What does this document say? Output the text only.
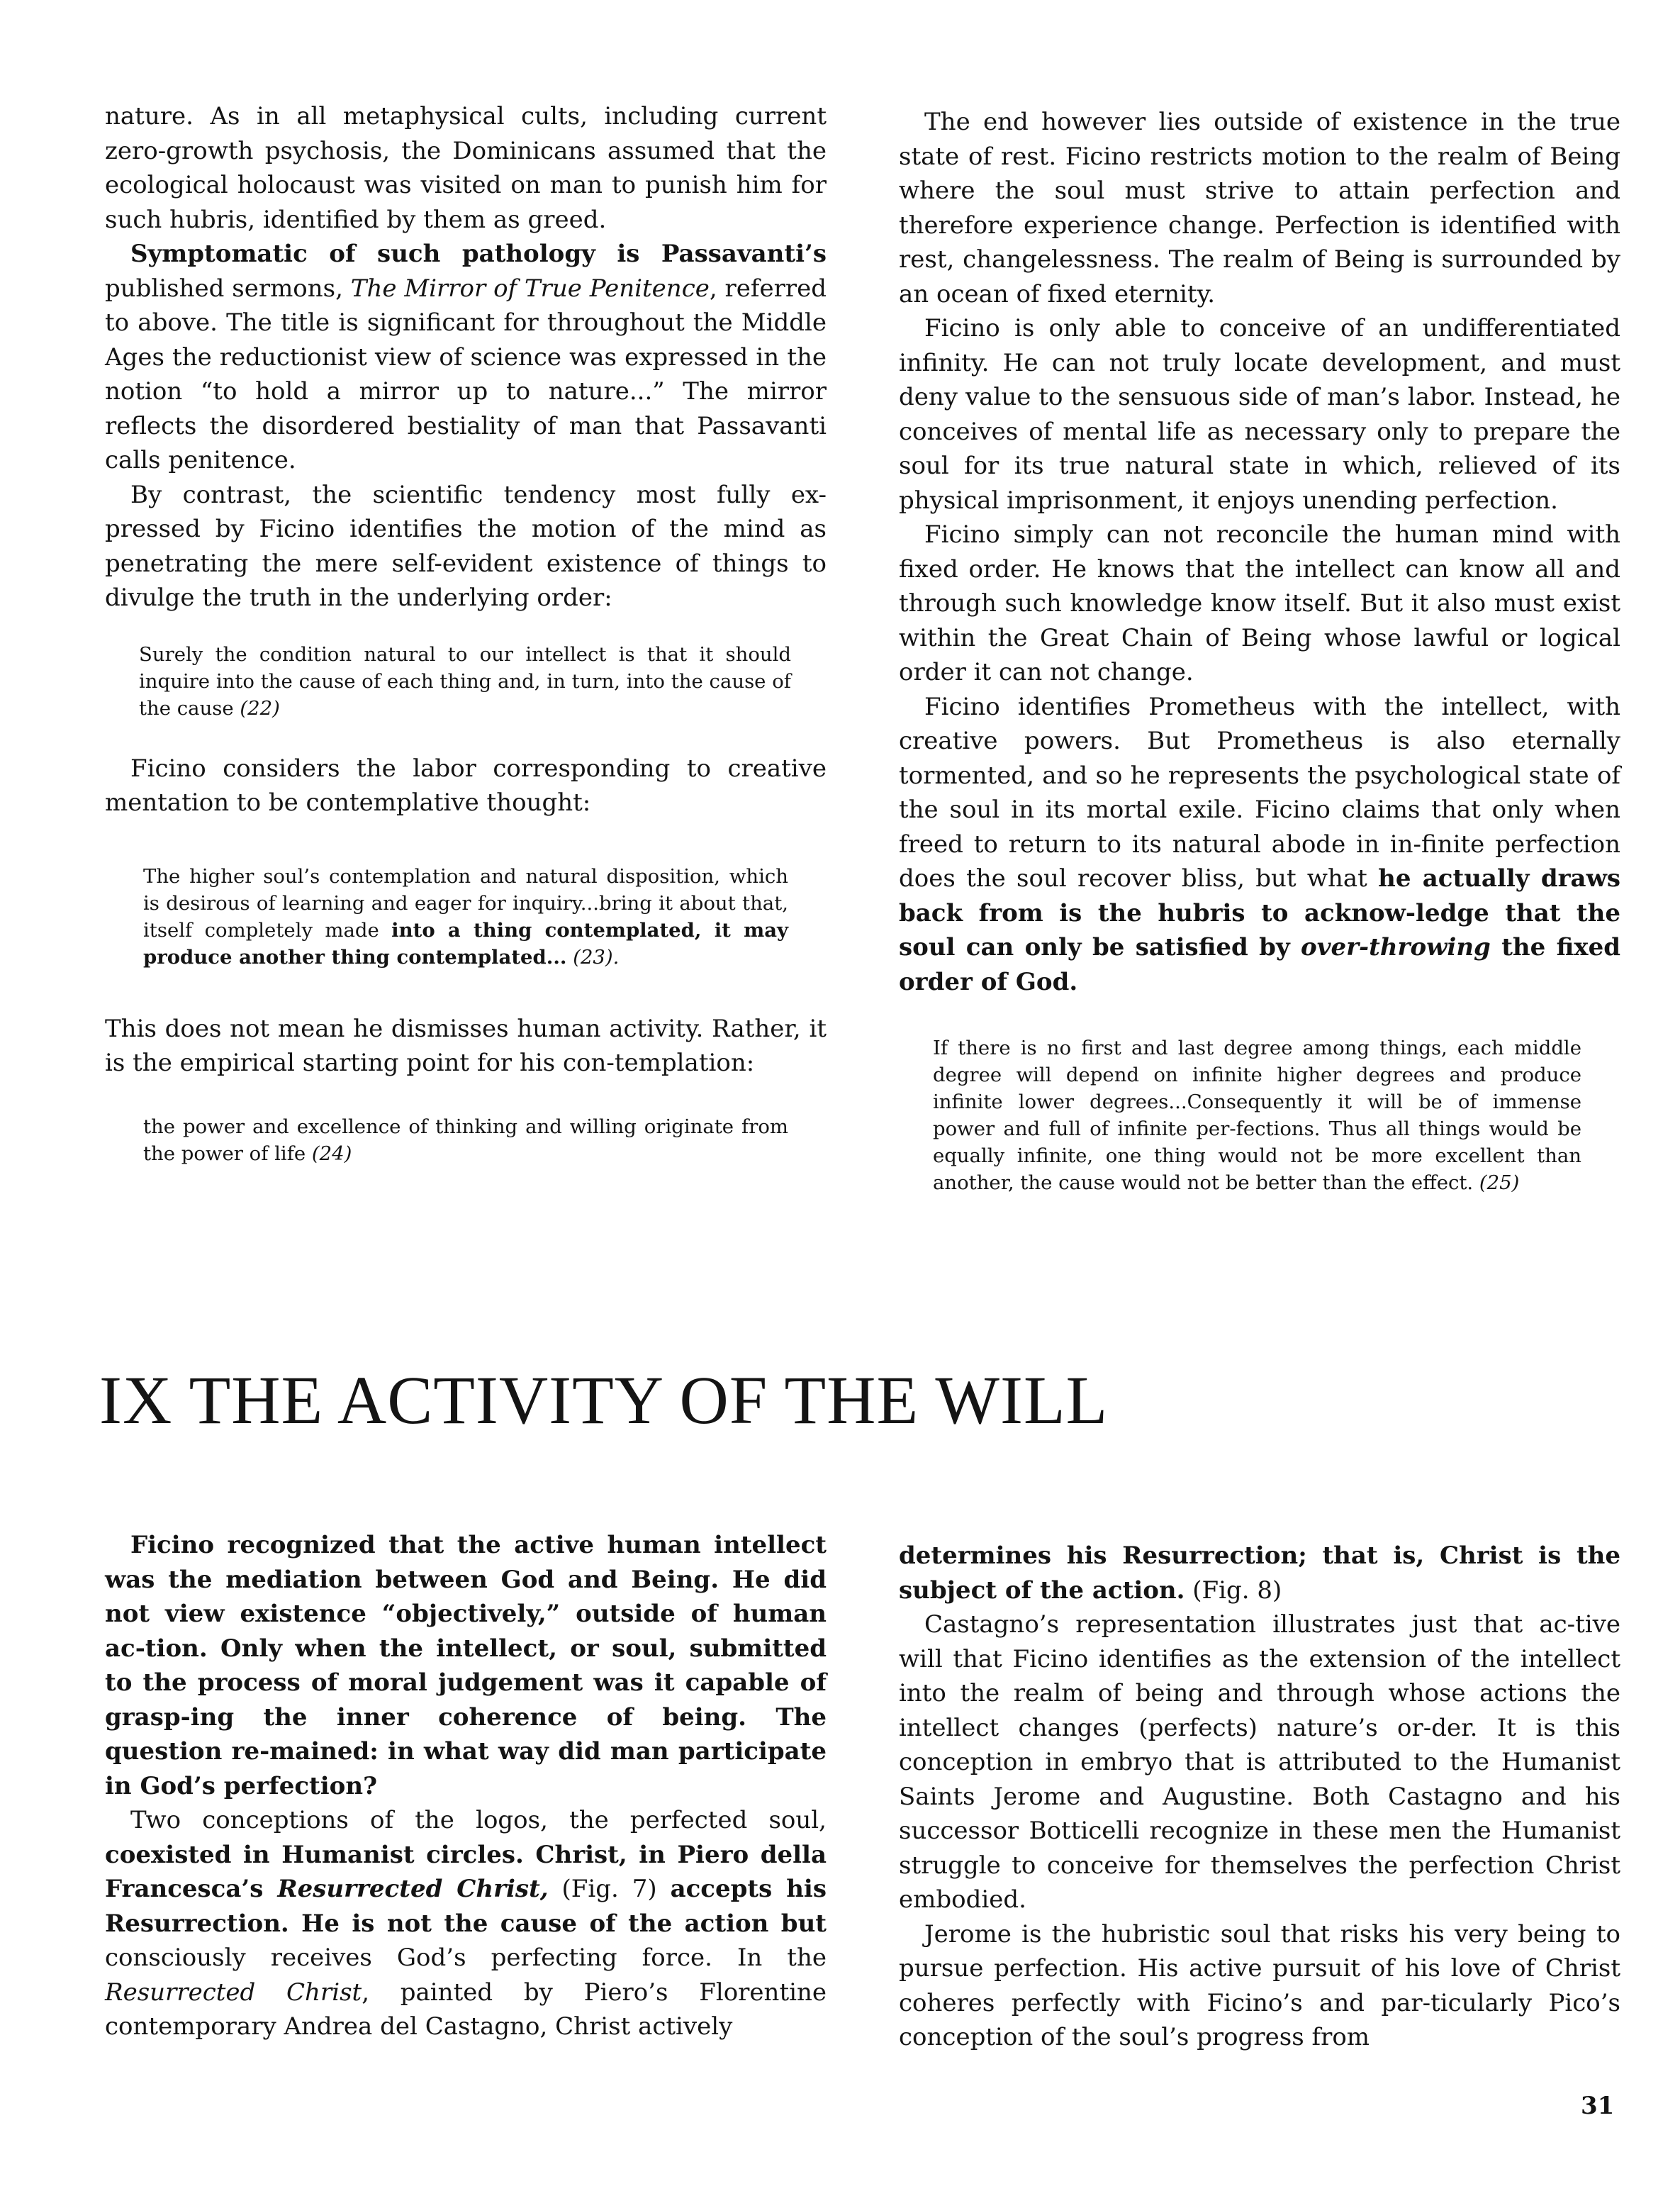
nature. As in all metaphysical cults, including current zero-growth psychosis, the Dominicans assumed that the ecological holocaust was visited on man to punish him for such hubris, identified by them as greed.

Symptomatic of such pathology is Passavanti’s published sermons, The Mirror of True Penitence, referred to above. The title is significant for throughout the Middle Ages the reductionist view of science was expressed in the notion “to hold a mirror up to nature...” The mirror reflects the disordered bestiality of man that Passavanti calls penitence.

By contrast, the scientific tendency most fully ex-pressed by Ficino identifies the motion of the mind as penetrating the mere self-evident existence of things to divulge the truth in the underlying order:

Surely the condition natural to our intellect is that it should inquire into the cause of each thing and, in turn, into the cause of the cause (22)

Ficino considers the labor corresponding to creative mentation to be contemplative thought:

The higher soul’s contemplation and natural disposition, which is desirous of learning and eager for inquiry...bring it about that, itself completely made into a thing contemplated, it may produce another thing contemplated... (23).

This does not mean he dismisses human activity. Rather, it is the empirical starting point for his con-templation:

the power and excellence of thinking and willing originate from the power of life (24)

The end however lies outside of existence in the true state of rest. Ficino restricts motion to the realm of Being where the soul must strive to attain perfection and therefore experience change. Perfection is identified with rest, changelessness. The realm of Being is surrounded by an ocean of fixed eternity.

Ficino is only able to conceive of an undifferentiated infinity. He can not truly locate development, and must deny value to the sensuous side of man’s labor. Instead, he conceives of mental life as necessary only to prepare the soul for its true natural state in which, relieved of its physical imprisonment, it enjoys unending perfection.

Ficino simply can not reconcile the human mind with fixed order. He knows that the intellect can know all and through such knowledge know itself. But it also must exist within the Great Chain of Being whose lawful or logical order it can not change.

Ficino identifies Prometheus with the intellect, with creative powers. But Prometheus is also eternally tormented, and so he represents the psychological state of the soul in its mortal exile. Ficino claims that only when freed to return to its natural abode in in-finite perfection does the soul recover bliss, but what he actually draws back from is the hubris to acknow-ledge that the soul can only be satisfied by over-throwing the fixed order of God.

If there is no first and last degree among things, each middle degree will depend on infinite higher degrees and produce infinite lower degrees...Consequently it will be of immense power and full of infinite per-fections. Thus all things would be equally infinite, one thing would not be more excellent than another, the cause would not be better than the effect. (25)
IX THE ACTIVITY OF THE WILL

Ficino recognized that the active human intellect was the mediation between God and Being. He did not view existence “objectively,” outside of human ac-tion. Only when the intellect, or soul, submitted to the process of moral judgement was it capable of grasp-ing the inner coherence of being. The question re-mained: in what way did man participate in God’s perfection?

Two conceptions of the logos, the perfected soul, coexisted in Humanist circles. Christ, in Piero della Francesca’s Resurrected Christ, (Fig. 7) accepts his Resurrection. He is not the cause of the action but consciously receives God’s perfecting force. In the Resurrected Christ, painted by Piero’s Florentine contemporary Andrea del Castagno, Christ actively

determines his Resurrection; that is, Christ is the subject of the action. (Fig. 8)

Castagno’s representation illustrates just that ac-tive will that Ficino identifies as the extension of the intellect into the realm of being and through whose actions the intellect changes (perfects) nature’s or-der. It is this conception in embryo that is attributed to the Humanist Saints Jerome and Augustine. Both Castagno and his successor Botticelli recognize in these men the Humanist struggle to conceive for themselves the perfection Christ embodied.

Jerome is the hubristic soul that risks his very being to pursue perfection. His active pursuit of his love of Christ coheres perfectly with Ficino’s and par-ticularly Pico’s conception of the soul’s progress from

31
